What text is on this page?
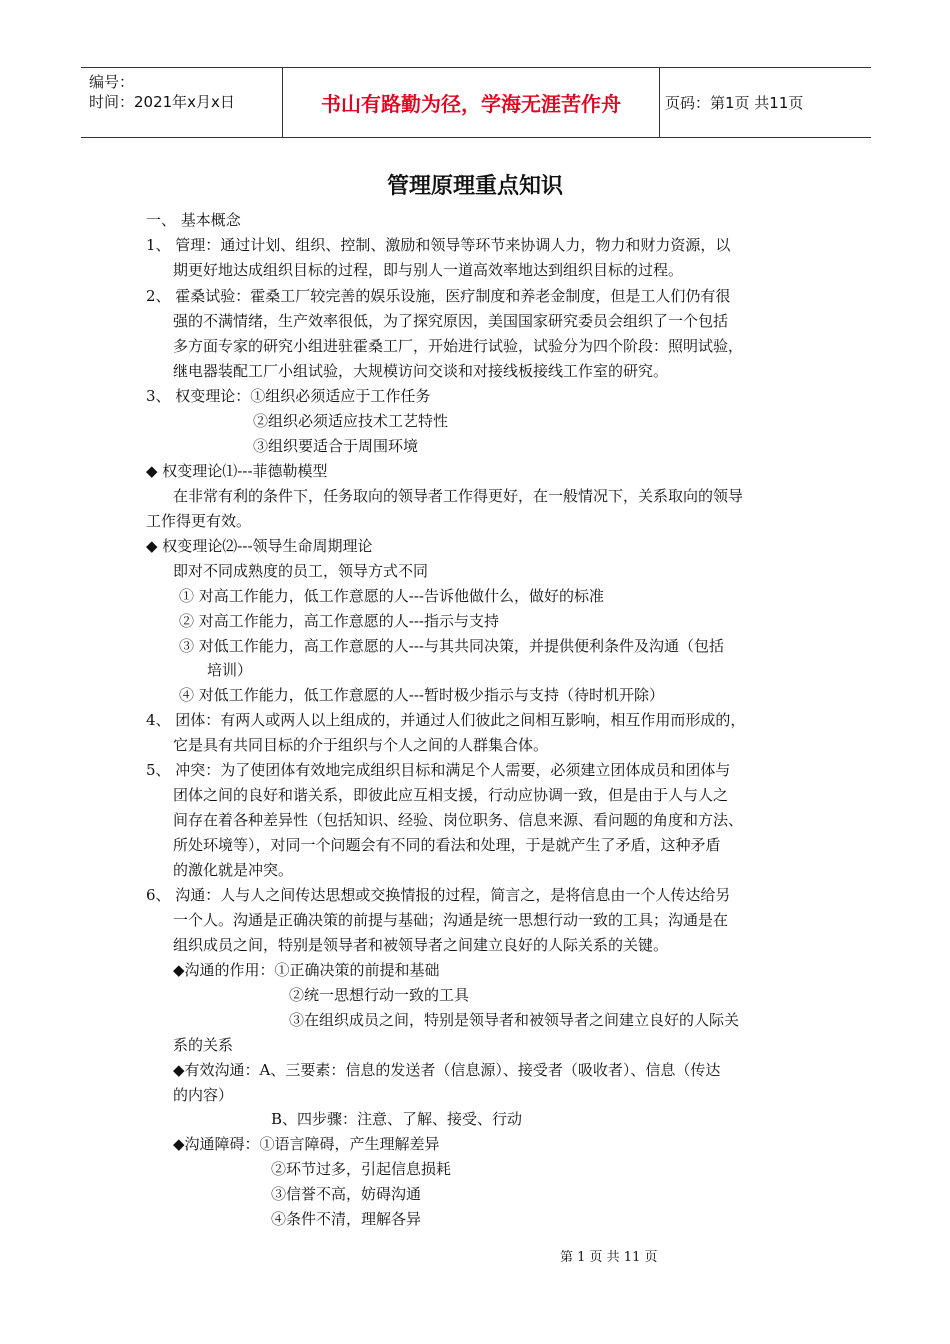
编号：
时间：2021年x月x日	书山有路勤为径，学海无涯苦作舟	页码：第1页 共11页
管理原理重点知识
一、 基本概念
1、 管理：通过计划、组织、控制、激励和领导等环节来协调人力，物力和财力资源，以
期更好地达成组织目标的过程，即与别人一道高效率地达到组织目标的过程。
2、 霍桑试验：霍桑工厂较完善的娱乐设施，医疗制度和养老金制度，但是工人们仍有很
强的不满情绪，生产效率很低，为了探究原因，美国国家研究委员会组织了一个包括
多方面专家的研究小组进驻霍桑工厂，开始进行试验，试验分为四个阶段：照明试验，
继电器装配工厂小组试验，大规模访问交谈和对接线板接线工作室的研究。
3、 权变理论：①组织必须适应于工作任务
②组织必须适应技术工艺特性
③组织要适合于周围环境
◆ 权变理论⑴---菲德勒模型
在非常有利的条件下，任务取向的领导者工作得更好，在一般情况下，关系取向的领导
工作得更有效。
◆ 权变理论⑵---领导生命周期理论
即对不同成熟度的员工，领导方式不同
① 对高工作能力，低工作意愿的人---告诉他做什么，做好的标准
② 对高工作能力，高工作意愿的人---指示与支持
③ 对低工作能力，高工作意愿的人---与其共同决策，并提供便利条件及沟通（包括
培训）
④ 对低工作能力，低工作意愿的人---暂时极少指示与支持（待时机开除）
4、 团体：有两人或两人以上组成的，并通过人们彼此之间相互影响，相互作用而形成的，
它是具有共同目标的介于组织与个人之间的人群集合体。
5、 冲突：为了使团体有效地完成组织目标和满足个人需要，必须建立团体成员和团体与
团体之间的良好和谐关系，即彼此应互相支援，行动应协调一致，但是由于人与人之
间存在着各种差异性（包括知识、经验、岗位职务、信息来源、看问题的角度和方法、
所处环境等），对同一个问题会有不同的看法和处理，于是就产生了矛盾，这种矛盾
的激化就是冲突。
6、 沟通：人与人之间传达思想或交换情报的过程，简言之，是将信息由一个人传达给另
一个人。沟通是正确决策的前提与基础；沟通是统一思想行动一致的工具；沟通是在
组织成员之间，特别是领导者和被领导者之间建立良好的人际关系的关键。
◆沟通的作用：①正确决策的前提和基础
②统一思想行动一致的工具
③在组织成员之间，特别是领导者和被领导者之间建立良好的人际关
系的关系
◆有效沟通：A、三要素：信息的发送者（信息源）、接受者（吸收者）、信息（传达
的内容）
B、四步骤：注意、了解、接受、行动
◆沟通障碍：①语言障碍，产生理解差异
②环节过多，引起信息损耗
③信誉不高，妨碍沟通
④条件不清，理解各异
第 1 页 共 11 页
